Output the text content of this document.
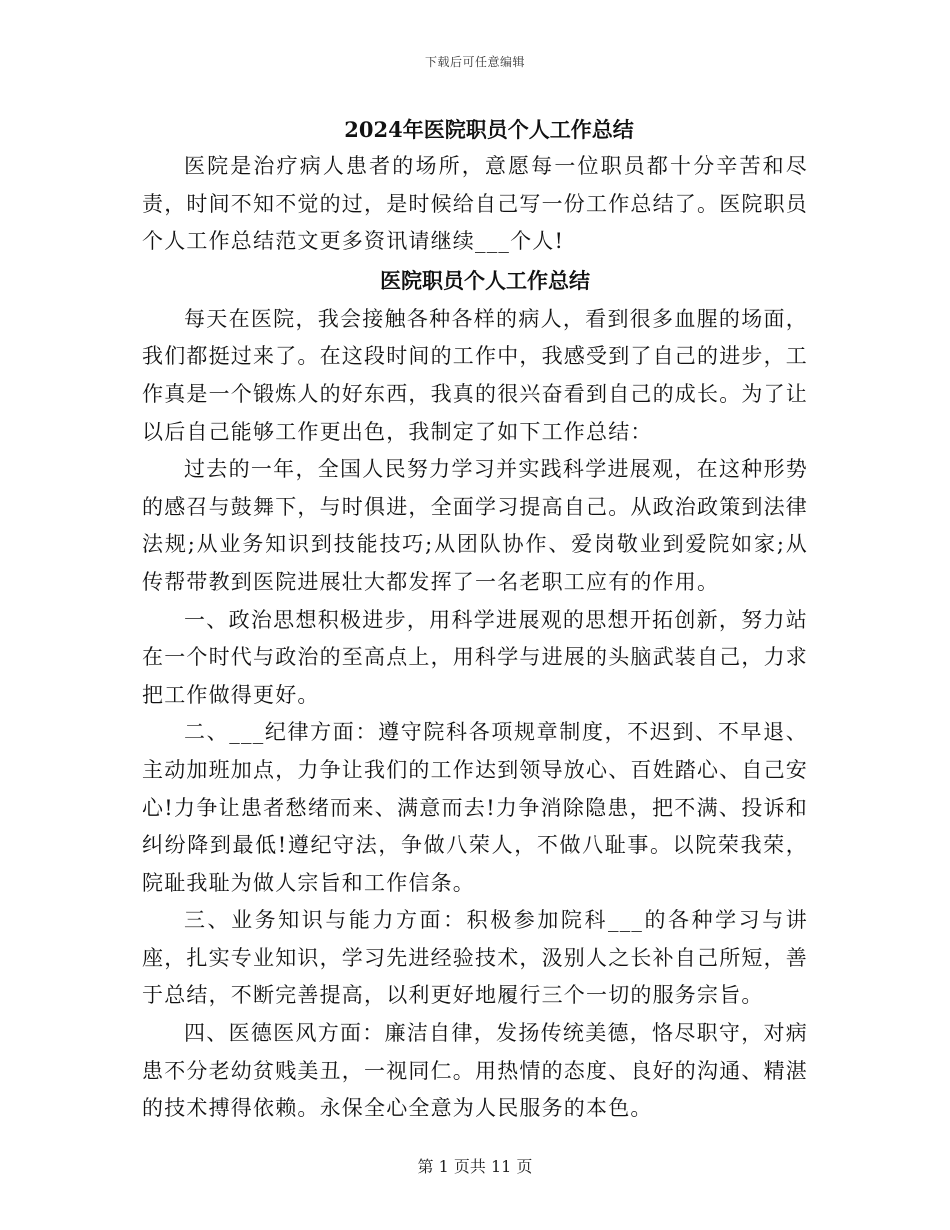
下载后可任意编辑

2024年医院职员个人工作总结

医院是治疗病人患者的场所，意愿每一位职员都十分辛苦和尽责，时间不知不觉的过，是时候给自己写一份工作总结了。医院职员个人工作总结范文更多资讯请继续___个人!

医院职员个人工作总结

每天在医院，我会接触各种各样的病人，看到很多血腥的场面，我们都挺过来了。在这段时间的工作中，我感受到了自己的进步，工作真是一个锻炼人的好东西，我真的很兴奋看到自己的成长。为了让以后自己能够工作更出色，我制定了如下工作总结：

过去的一年，全国人民努力学习并实践科学进展观，在这种形势的感召与鼓舞下，与时俱进，全面学习提高自己。从政治政策到法律法规;从业务知识到技能技巧;从团队协作、爱岗敬业到爱院如家;从传帮带教到医院进展壮大都发挥了一名老职工应有的作用。

一、政治思想积极进步，用科学进展观的思想开拓创新，努力站在一个时代与政治的至高点上，用科学与进展的头脑武装自己，力求把工作做得更好。

二、___纪律方面：遵守院科各项规章制度，不迟到、不早退、主动加班加点，力争让我们的工作达到领导放心、百姓踏心、自己安心!力争让患者愁绪而来、满意而去!力争消除隐患，把不满、投诉和纠纷降到最低!遵纪守法，争做八荣人，不做八耻事。以院荣我荣，院耻我耻为做人宗旨和工作信条。

三、业务知识与能力方面：积极参加院科___的各种学习与讲座，扎实专业知识，学习先进经验技术，汲别人之长补自己所短，善于总结，不断完善提高，以利更好地履行三个一切的服务宗旨。

四、医德医风方面：廉洁自律，发扬传统美德，恪尽职守，对病患不分老幼贫贱美丑，一视同仁。用热情的态度、良好的沟通、精湛的技术搏得依赖。永保全心全意为人民服务的本色。

第 1 页共 11 页
